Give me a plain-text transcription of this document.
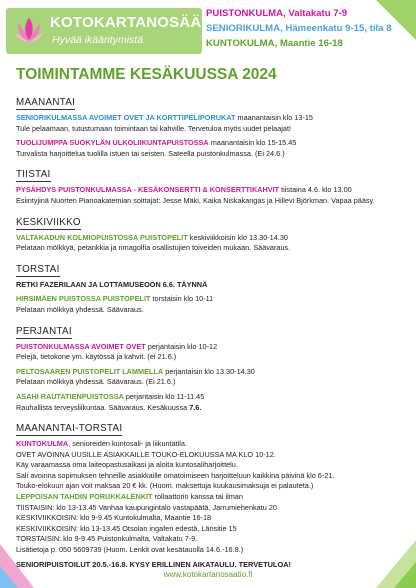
KOTOKARTANOSÄÄTIÖ
Hyvää ikääntymistä
PUISTONKULMA, Valtakatu 7-9
SENIORIKULMA, Hämeenkatu 9-15, tila 8
KUNTOKULMA, Maantie 16-18
TOIMINTAMME KESÄKUUSSA 2024
MAANANTAI
SENIORIKULMASSA AVOIMET OVET JA KORTTIPELIPORUKAT maanantaisin klo 13-15
Tule pelaamaan, tutustumaan toimintaan tai kahville. Tervetuloa myös uudet pelaajat!
TUOLIJUMPPA SUOKYLÄN ULKOLIIKUNTAPUISTOSSA maanantaisin klo 15-15.45
Turvalista harjoittelua tuolilla istuen tai seisten. Sateella puistonkulmassa. (Ei 24.6.)
TIISTAI
PYSÄHDYS PUISTONKULMASSA - KESÄKONSERTTI & KONSERTTIKAHVIT tiistaina 4.6. klo 13.00
Esiintyjinä Nuorten Pianoakatemian soittajat: Jesse Mäki, Kaika Niskakangas ja Hillevi Björkman. Vapaa pääsy.
KESKIVIIKKO
VALTAKADUN KOLMIOPUISTOSSA PUISTOPELIT keskiviikkoisin klo 13.30-14.30
Pelataan mölkkyä, petankkia ja rimagolfia osallistujien toiveiden mukaan. Säävaraus.
TORSTAI
RETKI FAZERILAAN JA LOTTAMUSEOON 6.6. TÄYNNÄ
HIRSIMÄEN PUISTOSSA PUISTOPELIT torstaisin klo 10-11
Pelataan mölkkyä yhdessä. Säävaraus.
PERJANTAI
PUISTONKULMASSA AVOIMET OVET perjantaisin klo 10-12
Pelejä, tietokone ym. käytössä ja kahvit. (ei 21.6.)
PELTOSAAREN PUISTOPELIT LAMMELLA perjantaisin klo 13.30-14.30
Pelataan mölkkyä yhdessä. Säävaraus. (Ei 21.6.)
ASAHI RAUTATIENPUISTOSSA perjantaisin klo 11-11.45
Rauhallista terveysliikuntaa. Säävaraus. Kesäkuussa 7.6.
MAANANTAI-TORSTAI
KUNTOKULMA, senioreiden kuntosali- ja liikuntatila.
OVET AVOINNA UUSILLE ASIAKKAILLE TOUKO-ELOKUUSSA MA KLO 10-12.
Käy varaamassa oma laiteopastusaikasi ja aloita kuntosaliharjoittelu.
Sali avoinna sopimuksen tehneille asiakkaille omatoimiseen harjoitteluun kaikkina päivinä klo 6-21.
Touko-elokuun ajan voit maksaa 20 € kk. (Huom. maksettuja kuukausimaksuja ei palauteta.)
LEPPOISAN TAHDIN PORUKKALENKIT rollaattorin kanssa tai ilman
TIISTAISIN: klo 13-13.45 Vanhaa kaupungintalo vastapäätä, Jarrumiehenkatu 20
KESKIVIIKKOISIN: klo 9-9.45 Kuntokulmalta, Maantie 16-18
KESKIVIIKKOISIN: klo 13-13.45 Otsolan ingafen edestä, Länsitie 15
TORSTAISIN: klo 9-9.45 Puistonkulmalta, Valtakatu 7-9.
Lisätietoja p. 050 5609739 (Huom. Lenkit ovat kesätauolla 14.6.-16.8.)
SENIORIPUISTOILUT 20.5.-16.8. KYSY ERILLINEN AIKATAULU. TERVETULOA!
www.kotokartanosaatio.fi
